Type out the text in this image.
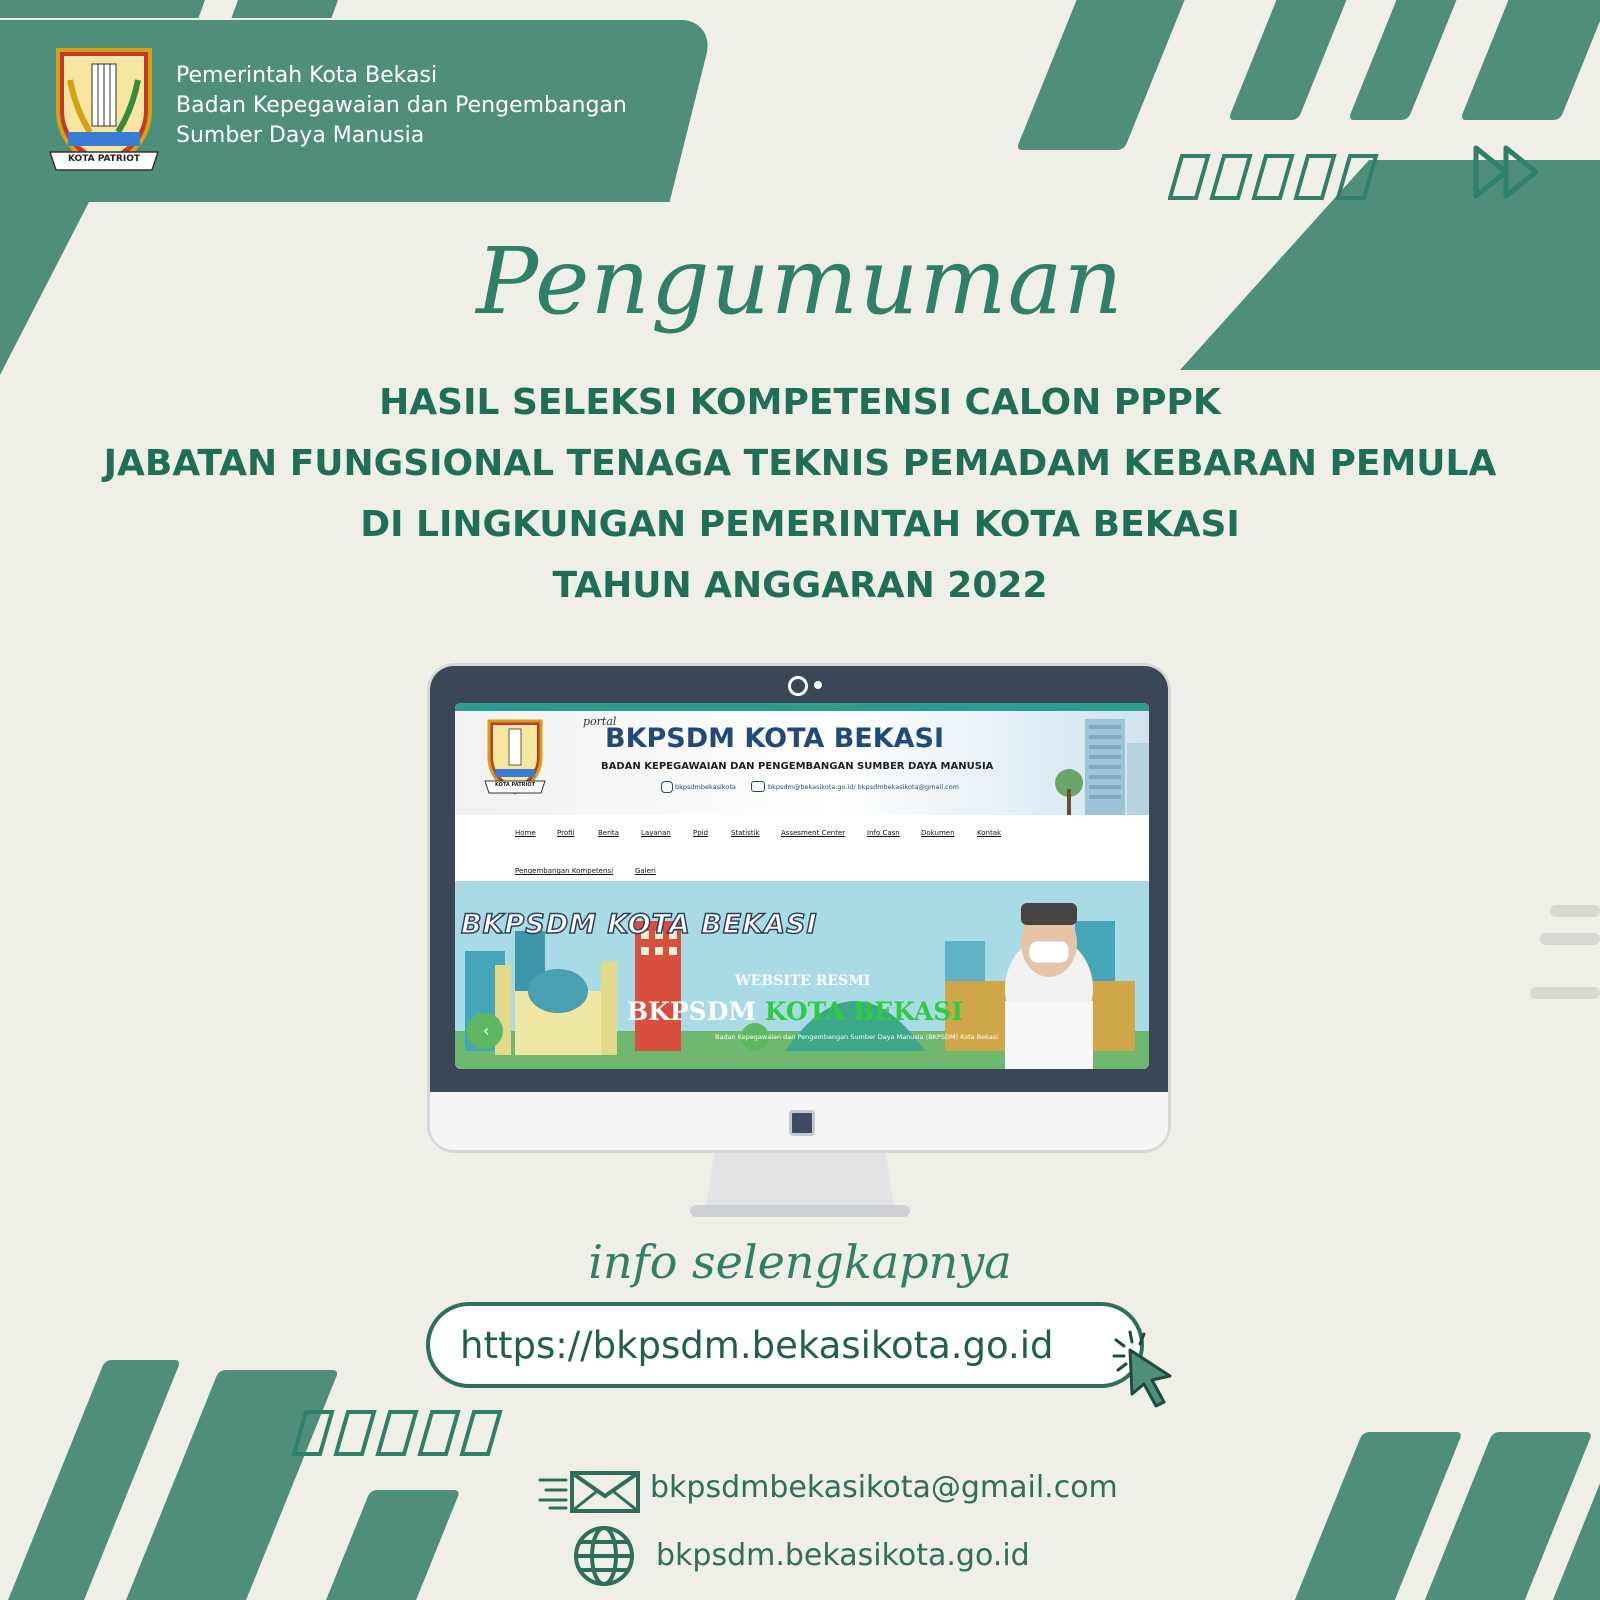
KOTA PATRIOT
Pemerintah Kota Bekasi
Badan Kepegawaian dan Pengembangan
Sumber Daya Manusia
Pengumuman
HASIL SELEKSI KOMPETENSI CALON PPPK
JABATAN FUNGSIONAL TENAGA TEKNIS PEMADAM KEBARAN PEMULA
DI LINGKUNGAN PEMERINTAH KOTA BEKASI
TAHUN ANGGARAN 2022
KOTA PATRIOT
portal
BKPSDM KOTA BEKASI
BADAN KEPEGAWAIAN DAN PENGEMBANGAN SUMBER DAYA MANUSIA
bkpsdmbekasikota	bkpsdm@bekasikota.go.id/ bkpsdmbekasikota@gmail.com
Home	Profil	Berita	Layanan	Ppid	Statistik	Assesment Center	Info Casn	Dokumen	Kontak
Pengembangan Kompetensi	Galeri
BKPSDM KOTA BEKASI
WEBSITE RESMI
BKPSDM KOTA BEKASI
Badan Kepegawaian dan Pengembangan Sumber Daya Manusia (BKPSDM) Kota Bekasi
‹
info selengkapnya
https://bkpsdm.bekasikota.go.id
bkpsdmbekasikota@gmail.com
bkpsdm.bekasikota.go.id
